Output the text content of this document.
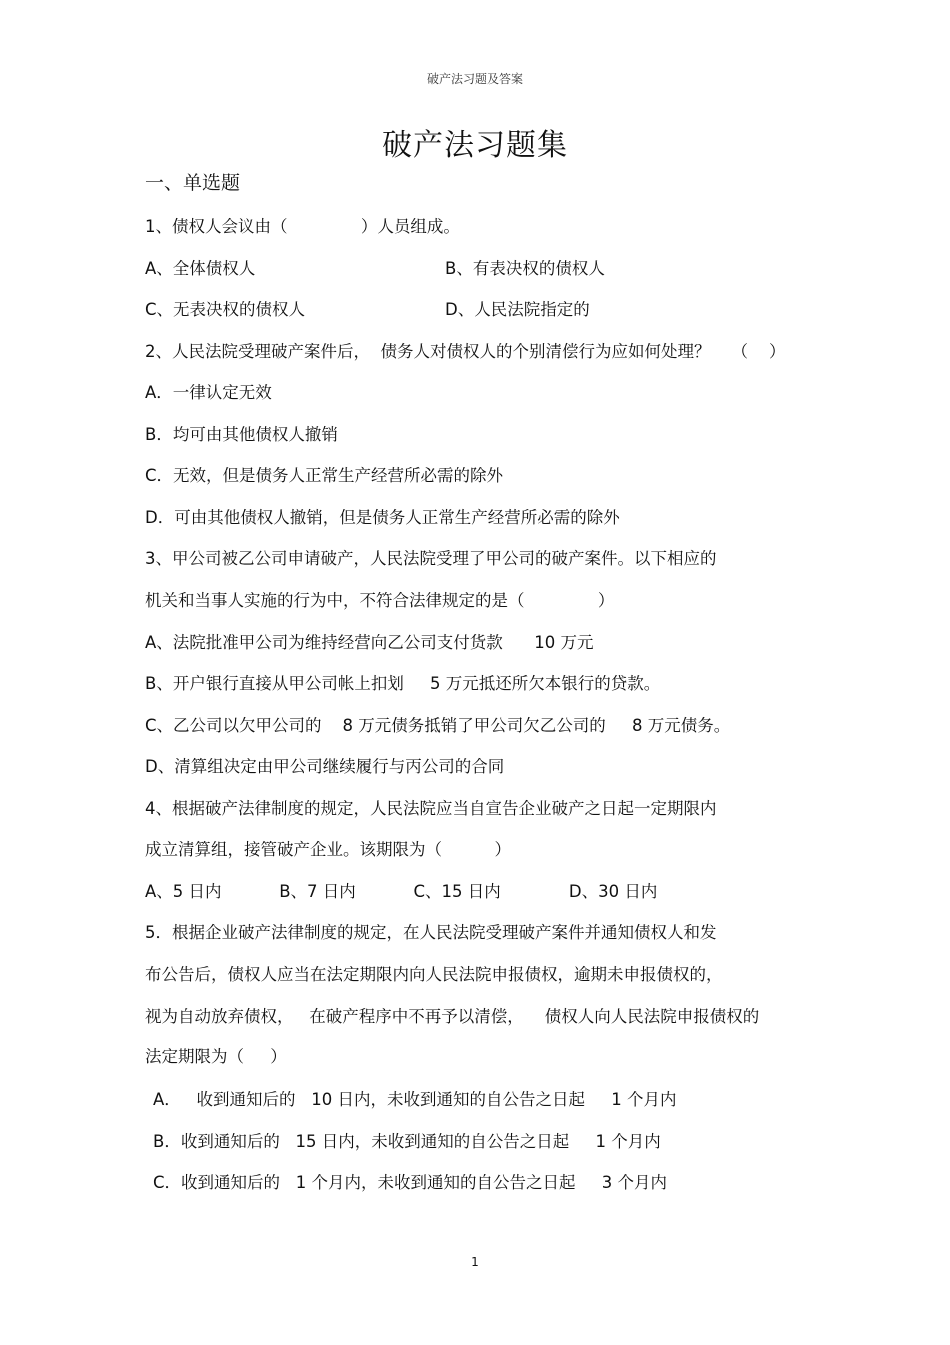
破产法习题及答案
破产法习题集
一、单选题
1、债权人会议由（              ）人员组成。
A、全体债权人	B、有表决权的债权人
C、无表决权的债权人	D、人民法院指定的
2、人民法院受理破产案件后，  债务人对债权人的个别清偿行为应如何处理？    （    ）
A．一律认定无效
B．均可由其他债权人撤销
C．无效，但是债务人正常生产经营所必需的除外
D．可由其他债权人撤销，但是债务人正常生产经营所必需的除外
3、甲公司被乙公司申请破产，人民法院受理了甲公司的破产案件。以下相应的
机关和当事人实施的行为中，不符合法律规定的是（              ）
A、法院批准甲公司为维持经营向乙公司支付货款      10 万元
B、开户银行直接从甲公司帐上扣划     5 万元抵还所欠本银行的贷款。
C、乙公司以欠甲公司的    8 万元债务抵销了甲公司欠乙公司的     8 万元债务。
D、清算组决定由甲公司继续履行与丙公司的合同
4、根据破产法律制度的规定，人民法院应当自宣告企业破产之日起一定期限内
成立清算组，接管破产企业。该期限为（          ）
A、5 日内           B、7 日内           C、15 日内             D、30 日内
5．根据企业破产法律制度的规定，在人民法院受理破产案件并通知债权人和发
布公告后，债权人应当在法定期限内向人民法院申报债权，逾期未申报债权的，
视为自动放弃债权，   在破产程序中不再予以清偿，    债权人向人民法院申报债权的
法定期限为（     ）
A．   收到通知后的   10 日内，未收到通知的自公告之日起     1 个月内
B．收到通知后的   15 日内，未收到通知的自公告之日起     1 个月内
C．收到通知后的   1 个月内，未收到通知的自公告之日起     3 个月内
1
